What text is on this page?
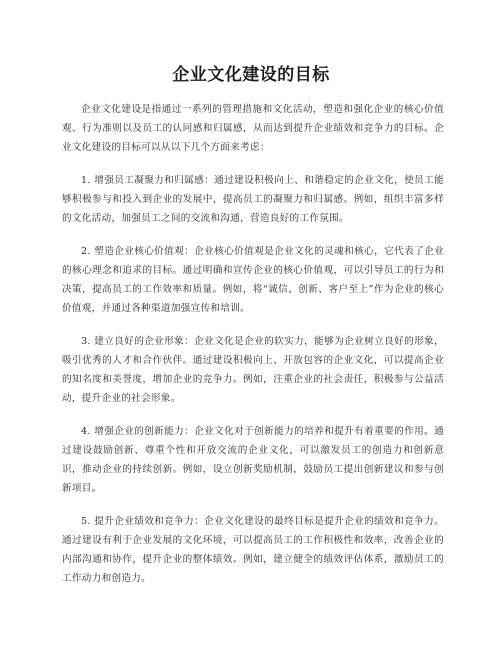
企业文化建设的目标

企业文化建设是指通过一系列的管理措施和文化活动，塑造和强化企业的核心价值观、行为准则以及员工的认同感和归属感，从而达到提升企业绩效和竞争力的目标。企业文化建设的目标可以从以下几个方面来考虑：

1. 增强员工凝聚力和归属感：通过建设积极向上、和谐稳定的企业文化，使员工能够积极参与和投入到企业的发展中，提高员工的凝聚力和归属感。例如，组织丰富多样的文化活动，加强员工之间的交流和沟通，营造良好的工作氛围。

2. 塑造企业核心价值观：企业核心价值观是企业文化的灵魂和核心，它代表了企业的核心理念和追求的目标。通过明确和宣传企业的核心价值观，可以引导员工的行为和决策，提高员工的工作效率和质量。例如，将“诚信、创新、客户至上”作为企业的核心价值观，并通过各种渠道加强宣传和培训。

3. 建立良好的企业形象：企业文化是企业的软实力，能够为企业树立良好的形象，吸引优秀的人才和合作伙伴。通过建设积极向上、开放包容的企业文化，可以提高企业的知名度和美誉度，增加企业的竞争力。例如，注重企业的社会责任，积极参与公益活动，提升企业的社会形象。

4. 增强企业的创新能力：企业文化对于创新能力的培养和提升有着重要的作用。通过建设鼓励创新、尊重个性和开放交流的企业文化，可以激发员工的创造力和创新意识，推动企业的持续创新。例如，设立创新奖励机制，鼓励员工提出创新建议和参与创新项目。

5. 提升企业绩效和竞争力：企业文化建设的最终目标是提升企业的绩效和竞争力。通过建设有利于企业发展的文化环境，可以提高员工的工作积极性和效率，改善企业的内部沟通和协作，提升企业的整体绩效。例如，建立健全的绩效评估体系，激励员工的工作动力和创造力。
